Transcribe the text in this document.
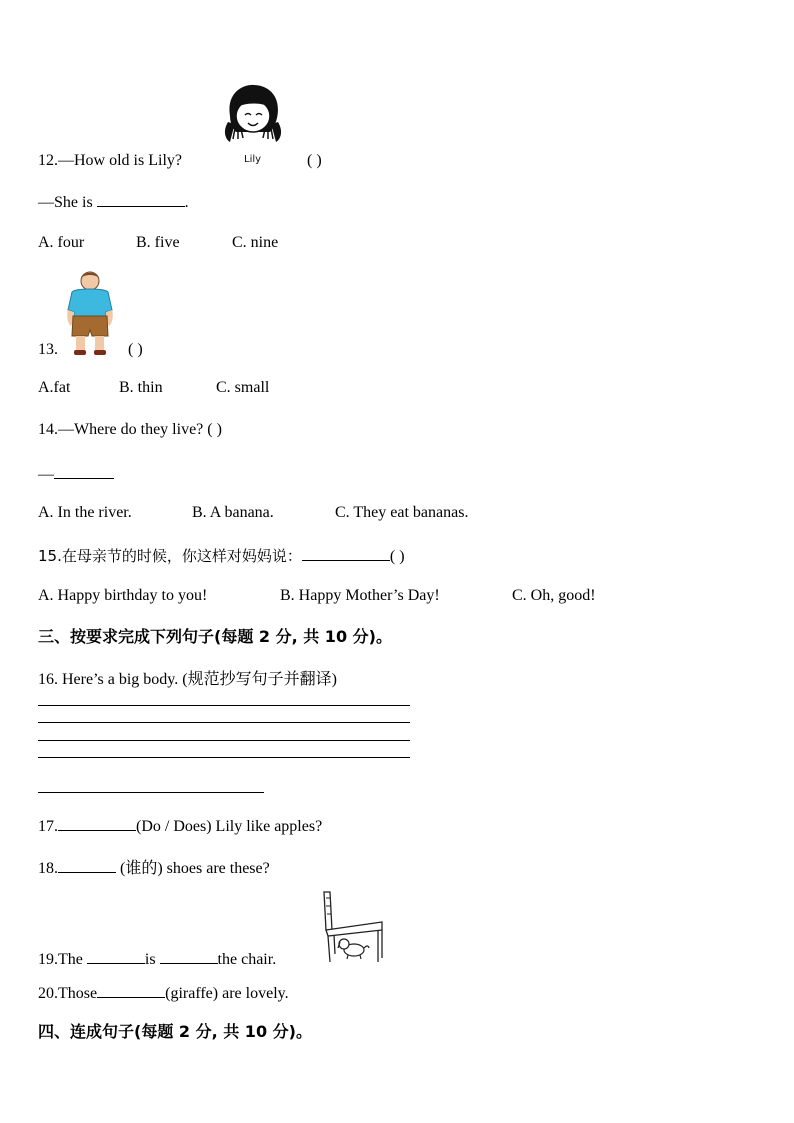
Lily
12.—How old is Lily?	( )
—She is	.
A. four	B. five	C. nine
13.	( )
A.fat	B. thin	C. small
14.—Where do they live? ( )
—
A. In the river.	B. A banana.	C. They eat bananas.
15.在母亲节的时候，你这样对妈妈说：	( )
A. Happy birthday to you!	B. Happy Mother’s Day!	C. Oh, good!
三、按要求完成下列句子(每题 2 分, 共 10 分)。
16. Here’s a big body. (规范抄写句子并翻译)
17.	(Do / Does) Lily like apples?
18.	(谁的) shoes are these?
19.The	is	the chair.
20.Those	(giraffe) are lovely.
四、连成句子(每题 2 分, 共 10 分)。
